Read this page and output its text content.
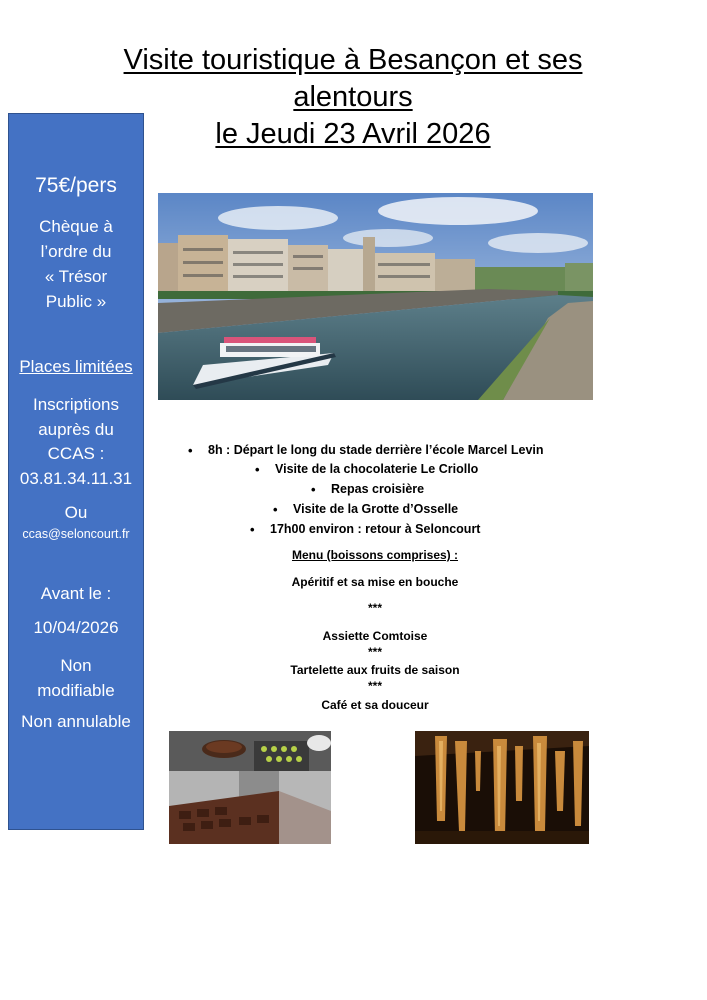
Visite touristique à Besançon et ses
alentours
le Jeudi 23 Avril 2026
75€/pers
Chèque à
l’ordre du
« Trésor
Public »
Places limitées
Inscriptions
auprès du
CCAS :
03.81.34.11.31
Ou
ccas@seloncourt.fr
Avant le :
10/04/2026
Non
modifiable
Non annulable
• 8h : Départ le long du stade derrière l’école Marcel Levin
• Visite de la chocolaterie Le Criollo
• Repas croisière
• Visite de la Grotte d’Osselle
• 17h00 environ : retour à Seloncourt
Menu (boissons comprises) :
Apéritif et sa mise en bouche
***
Assiette Comtoise
***
Tartelette aux fruits de saison
***
Café et sa douceur
